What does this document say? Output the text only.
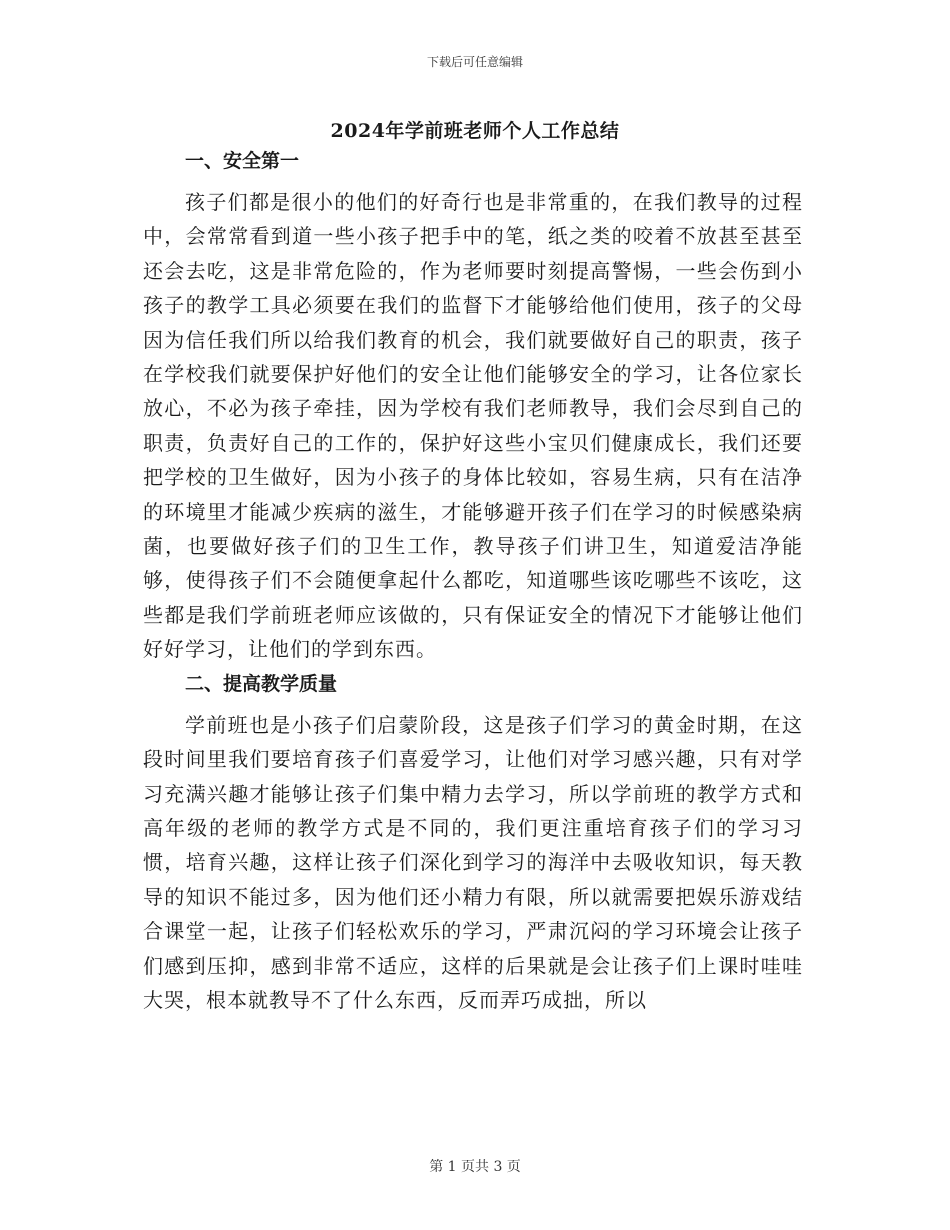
下载后可任意编辑
2024年学前班老师个人工作总结
一、安全第一

孩子们都是很小的他们的好奇行也是非常重的，在我们教导的过程中，会常常看到道一些小孩子把手中的笔，纸之类的咬着不放甚至甚至还会去吃，这是非常危险的，作为老师要时刻提高警惕，一些会伤到小孩子的教学工具必须要在我们的监督下才能够给他们使用，孩子的父母因为信任我们所以给我们教育的机会，我们就要做好自己的职责，孩子在学校我们就要保护好他们的安全让他们能够安全的学习，让各位家长放心，不必为孩子牵挂，因为学校有我们老师教导，我们会尽到自己的职责，负责好自己的工作的，保护好这些小宝贝们健康成长，我们还要把学校的卫生做好，因为小孩子的身体比较如，容易生病，只有在洁净的环境里才能减少疾病的滋生，才能够避开孩子们在学习的时候感染病菌，也要做好孩子们的卫生工作，教导孩子们讲卫生，知道爱洁净能够，使得孩子们不会随便拿起什么都吃，知道哪些该吃哪些不该吃，这些都是我们学前班老师应该做的，只有保证安全的情况下才能够让他们好好学习，让他们的学到东西。

二、提高教学质量

学前班也是小孩子们启蒙阶段，这是孩子们学习的黄金时期，在这段时间里我们要培育孩子们喜爱学习，让他们对学习感兴趣，只有对学习充满兴趣才能够让孩子们集中精力去学习，所以学前班的教学方式和高年级的老师的教学方式是不同的，我们更注重培育孩子们的学习习惯，培育兴趣，这样让孩子们深化到学习的海洋中去吸收知识，每天教导的知识不能过多，因为他们还小精力有限，所以就需要把娱乐游戏结合课堂一起，让孩子们轻松欢乐的学习，严肃沉闷的学习环境会让孩子们感到压抑，感到非常不适应，这样的后果就是会让孩子们上课时哇哇大哭，根本就教导不了什么东西，反而弄巧成拙，所以

第 1 页共 3 页
